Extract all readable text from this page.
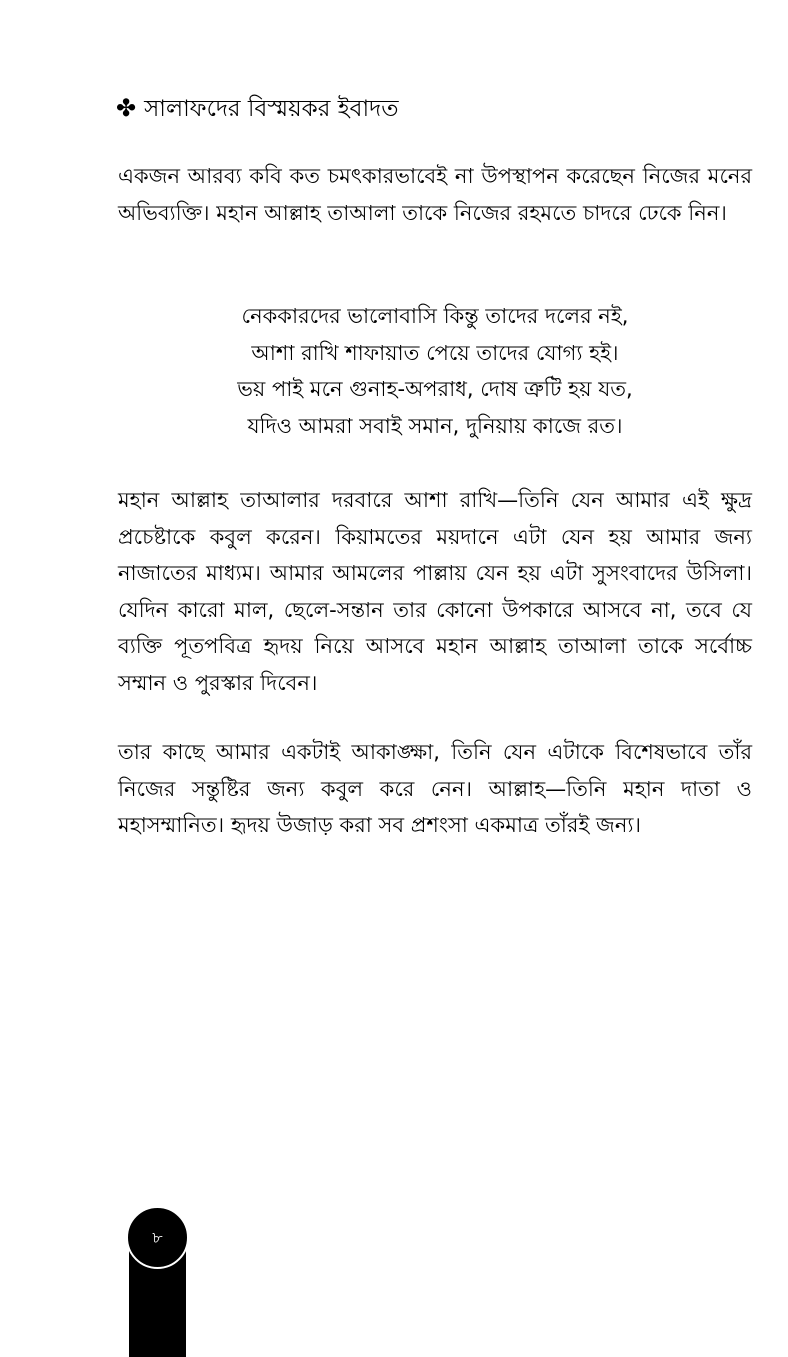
✤ সালাফদের বিস্ময়কর ইবাদত

একজন আরব্য কবি কত চমৎকারভাবেই না উপস্থাপন করেছেন নিজের মনের অভিব্যক্তি। মহান আল্লাহ তাআলা তাকে নিজের রহমতে চাদরে ঢেকে নিন।

নেককারদের ভালোবাসি কিন্তু তাদের দলের নই,
আশা রাখি শাফায়াত পেয়ে তাদের যোগ্য হই।
ভয় পাই মনে গুনাহ-অপরাধ, দোষ ত্রুটি হয় যত,
যদিও আমরা সবাই সমান, দুনিয়ায় কাজে রত।

মহান আল্লাহ তাআলার দরবারে আশা রাখি—তিনি যেন আমার এই ক্ষুদ্র প্রচেষ্টাকে কবুল করেন। কিয়ামতের ময়দানে এটা যেন হয় আমার জন্য নাজাতের মাধ্যম। আমার আমলের পাল্লায় যেন হয় এটা সুসংবাদের উসিলা। যেদিন কারো মাল, ছেলে-সন্তান তার কোনো উপকারে আসবে না, তবে যে ব্যক্তি পূতপবিত্র হৃদয় নিয়ে আসবে মহান আল্লাহ তাআলা তাকে সর্বোচ্চ সম্মান ও পুরস্কার দিবেন।

তার কাছে আমার একটাই আকাঙ্ক্ষা, তিনি যেন এটাকে বিশেষভাবে তাঁর নিজের সন্তুষ্টির জন্য কবুল করে নেন। আল্লাহ—তিনি মহান দাতা ও মহাসম্মানিত। হৃদয় উজাড় করা সব প্রশংসা একমাত্র তাঁরই জন্য।

৮
